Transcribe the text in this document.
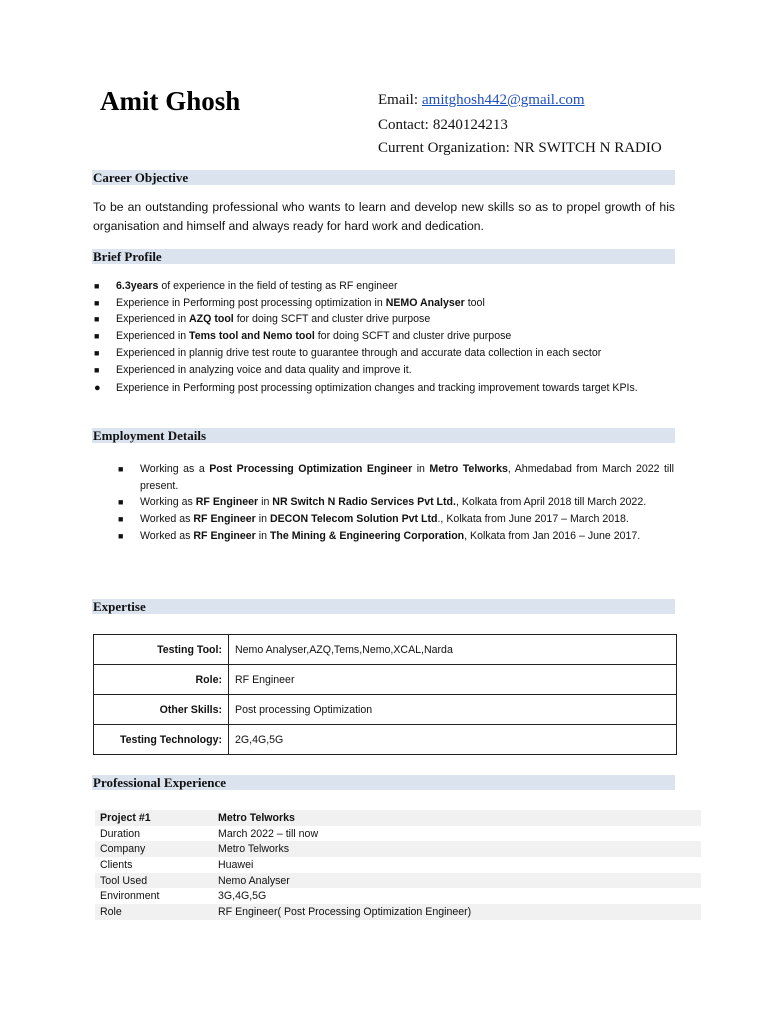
Amit Ghosh	Email: amitghosh442@gmail.com
Contact: 8240124213
Current Organization: NR SWITCH N RADIO
Career Objective
To be an outstanding professional who wants to learn and develop new skills so as to propel growth of his organisation and himself and always ready for hard work and dedication.
Brief Profile
■ 6.3years of experience in the field of testing as RF engineer
■ Experience in Performing post processing optimization in NEMO Analyser tool
■ Experienced in AZQ tool for doing SCFT and cluster drive purpose
■ Experienced in Tems tool and Nemo tool for doing SCFT and cluster drive purpose
■ Experienced in plannig drive test route to guarantee through and accurate data collection in each sector
■ Experienced in analyzing voice and data quality and improve it.
● Experience in Performing post processing optimization changes and tracking improvement towards target KPIs.
Employment Details
■ Working as a Post Processing Optimization Engineer in Metro Telworks, Ahmedabad from March 2022 till present.
■ Working as RF Engineer in NR Switch N Radio Services Pvt Ltd., Kolkata from April 2018 till March 2022.
■ Worked as RF Engineer in DECON Telecom Solution Pvt Ltd., Kolkata from June 2017 – March 2018.
■ Worked as RF Engineer in The Mining & Engineering Corporation, Kolkata from Jan 2016 – June 2017.
Expertise
Testing Tool:	Nemo Analyser,AZQ,Tems,Nemo,XCAL,Narda
Role:	RF Engineer
Other Skills:	Post processing Optimization
Testing Technology:	2G,4G,5G
Professional Experience
Project #1	Metro Telworks
Duration	March 2022 – till now
Company	Metro Telworks
Clients	Huawei
Tool Used	Nemo Analyser
Environment	3G,4G,5G
Role	RF Engineer( Post Processing Optimization Engineer)
